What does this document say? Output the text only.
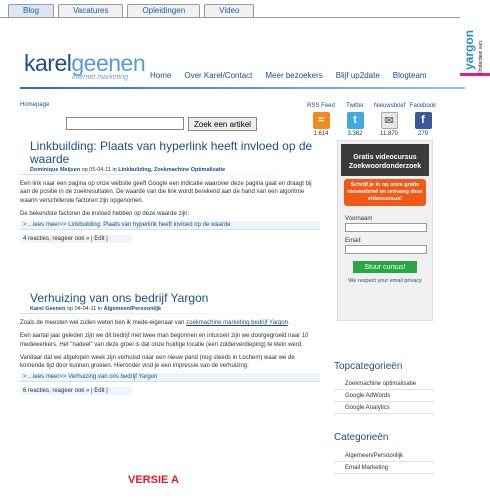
Blog	Vacatures	Opleidingen	Video
yargon Onderdeel van:
karelgeenen
internet marketing	Home Over Karel/Contact Meer bezoekers Blijf up2date Blogteam
Homepage
Zoek een artikel
RSS Feed
≈
1.614
Twitter
t
3.362
Nieuwsbrief
✉
11.870
Facebook
f
279
Linkbuilding: Plaats van hyperlink heeft invloed op de waarde
Dominique Meijsen op 05-04-11 in Linkbuilding, Zoekmachine Optimalisatie

Een link naar een pagina op onze website geeft Google een indicatie waarover deze pagina gaat en draagt bij aan de positie in de zoekresultaten. De waarde van die link wordt berekend aan de hand van een algoritme waarin verschillende factoren zijn opgenomen.

De bekendste factoren die invloed hebben op deze waarde zijn:

> ...lees meer>> Linkbuilding: Plaats van hyperlink heeft invloed op de waarde
4 reacties, reageer ook » | Edit |
Verhuizing van ons bedrijf Yargon
Karel Geenen op 04-04-11 in Algemeen/Persoonlijk

Zoals de meesten wel zullen weten ben ik mede-eigenaar van zoekmachine marketing bedrijf Yargon.

Een aantal jaar geleden zijn we dit bedrijf met twee man begonnen en intussen zijn we doorgegroeid naar 10 medewerkers. Het "nadeel" van deze groei is dat onze huidige locatie (een zolderverdieping) te klein werd.

Vandaar dat we afgelopen week zijn verhuisd naar een nieuw pand (nog steeds in Lochem) waar we de komende tijd door kunnen groeien. Hieronder vind je een impressie van de verhuizing:

> ...lees meer>> Verhuizing van ons bedrijf Yargon
6 reacties, reageer ook » | Edit |
Gratis videocursus Zoekwoordonderzoek
Schrijf je in op onze gratis nieuwsbrief en ontvang deze videocursus!
Voornaam
Email:
Stuur cursus!
We respect your email privacy
Topcategorieën
Zoekmachine optimalisatie
Google AdWords
Google Analytics
Categorieën
Algemeen/Persoonlijk
Email Marketing
VERSIE A
